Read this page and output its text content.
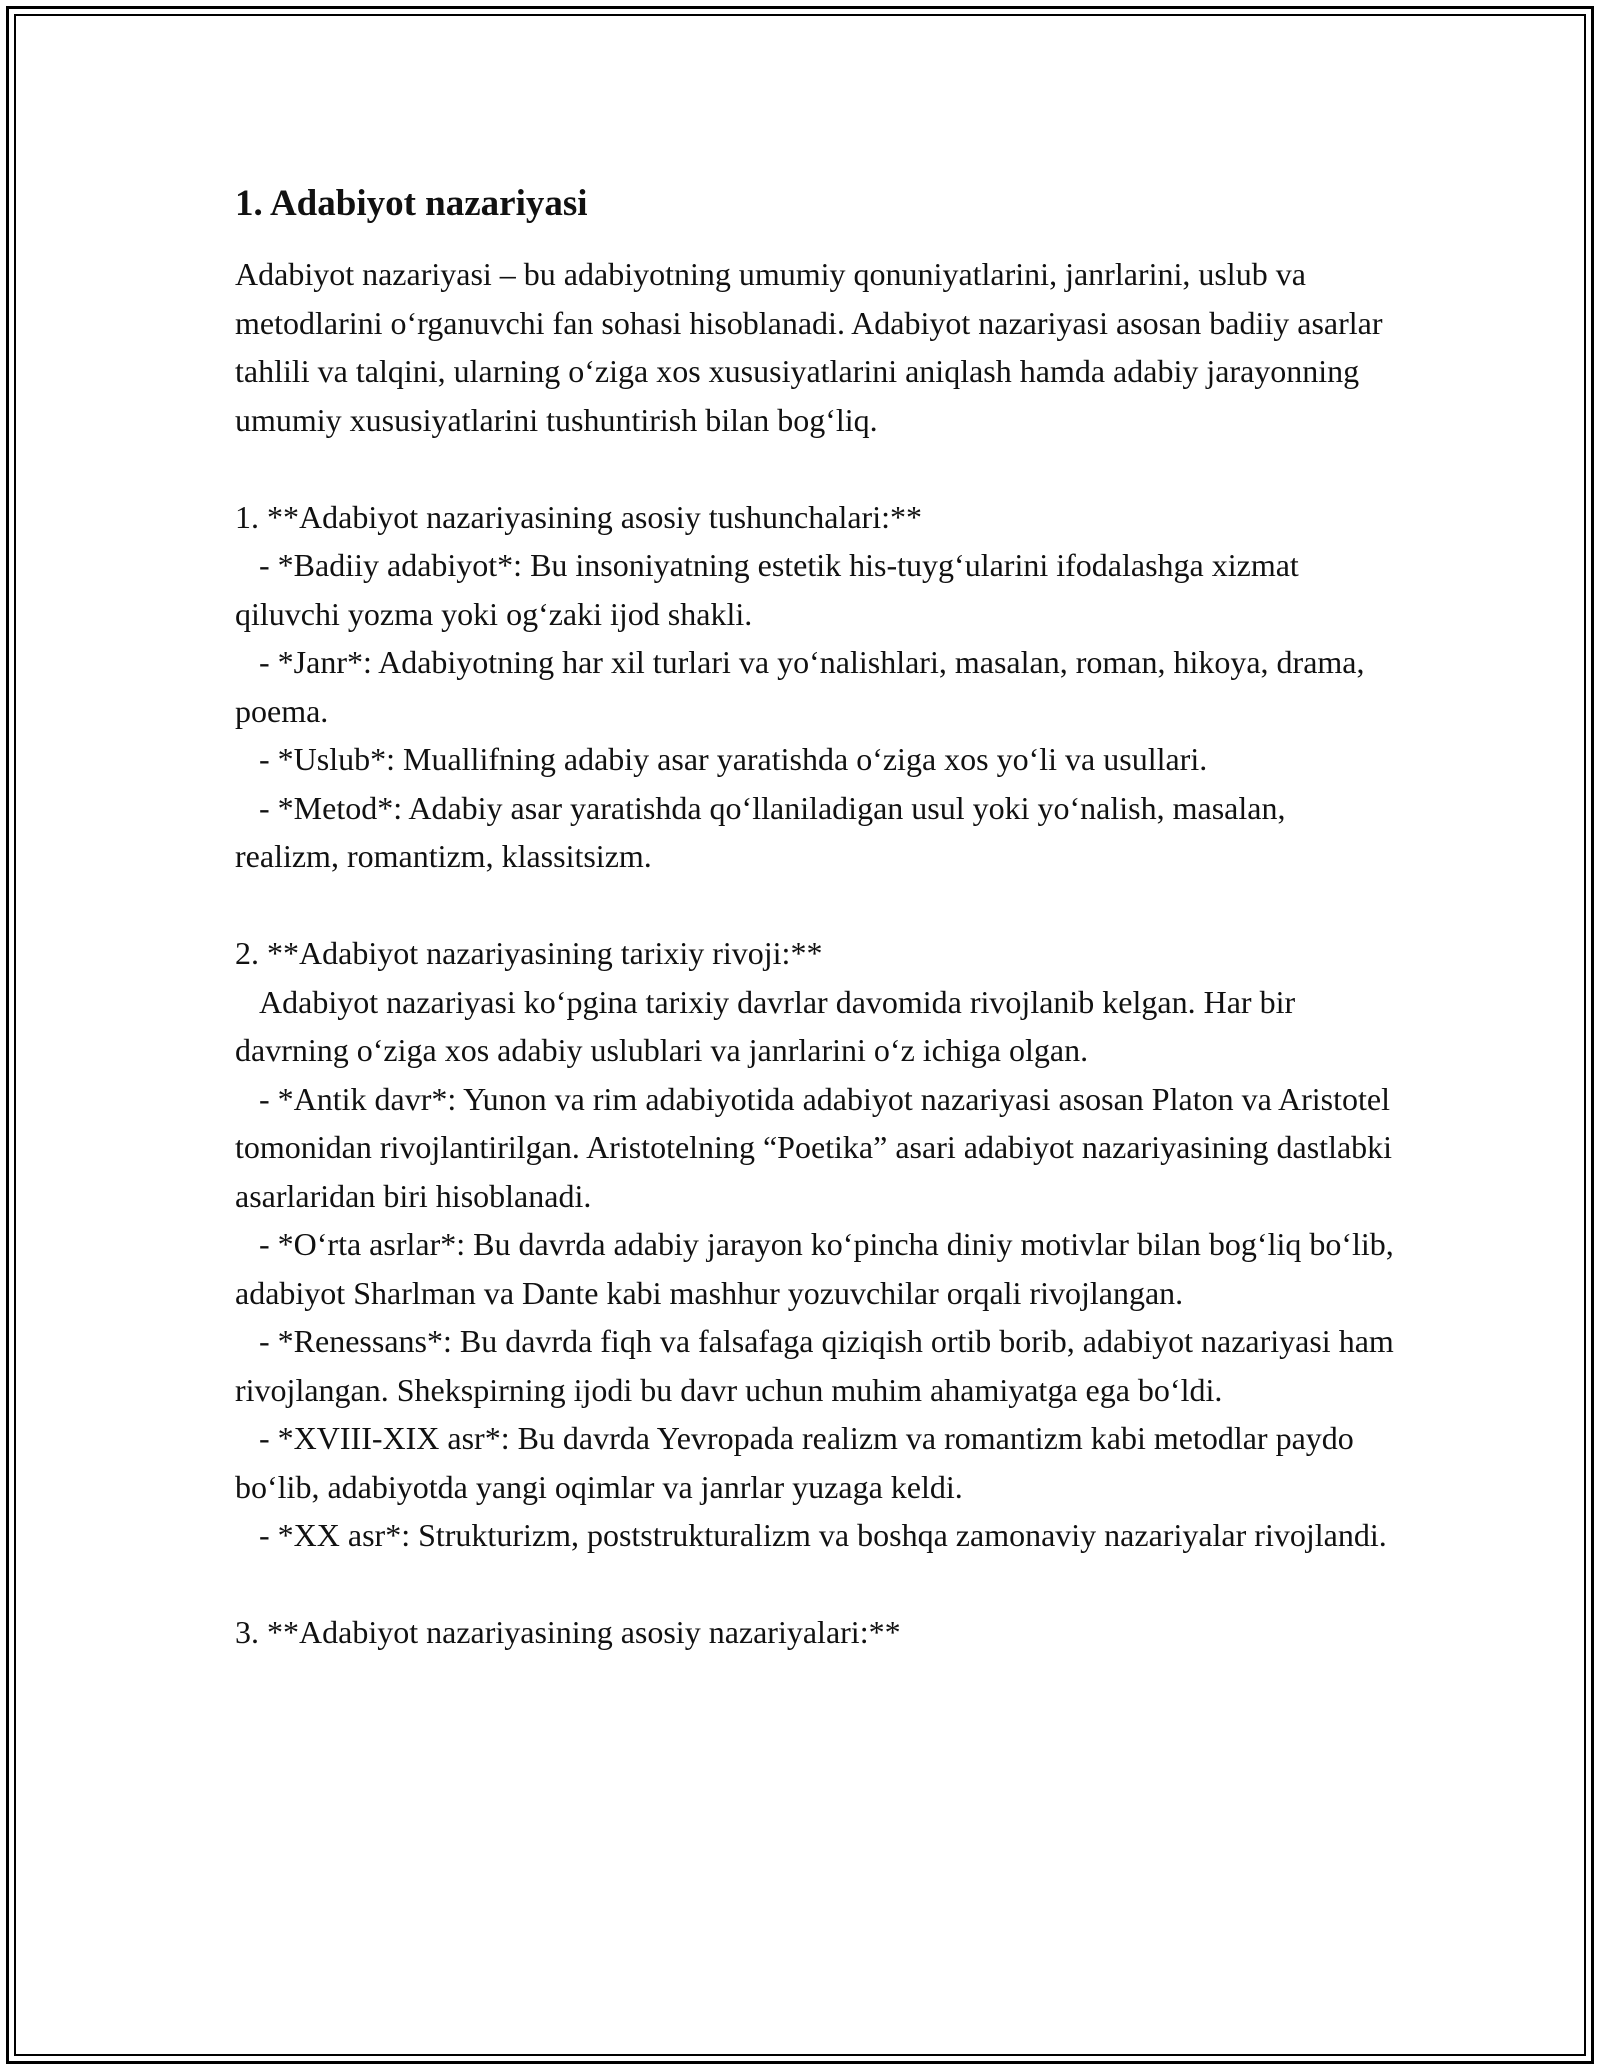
1. Adabiyot nazariyasi

Adabiyot nazariyasi – bu adabiyotning umumiy qonuniyatlarini, janrlarini, uslub va metodlarini o‘rganuvchi fan sohasi hisoblanadi. Adabiyot nazariyasi asosan badiiy asarlar tahlili va talqini, ularning o‘ziga xos xususiyatlarini aniqlash hamda adabiy jarayonning umumiy xususiyatlarini tushuntirish bilan bog‘liq.

1. **Adabiyot nazariyasining asosiy tushunchalari:**

- *Badiiy adabiyot*: Bu insoniyatning estetik his-tuyg‘ularini ifodalashga xizmat qiluvchi yozma yoki og‘zaki ijod shakli.

- *Janr*: Adabiyotning har xil turlari va yo‘nalishlari, masalan, roman, hikoya, drama, poema.

- *Uslub*: Muallifning adabiy asar yaratishda o‘ziga xos yo‘li va usullari.

- *Metod*: Adabiy asar yaratishda qo‘llaniladigan usul yoki yo‘nalish, masalan, realizm, romantizm, klassitsizm.

2. **Adabiyot nazariyasining tarixiy rivoji:**

Adabiyot nazariyasi ko‘pgina tarixiy davrlar davomida rivojlanib kelgan. Har bir davrning o‘ziga xos adabiy uslublari va janrlarini o‘z ichiga olgan.

- *Antik davr*: Yunon va rim adabiyotida adabiyot nazariyasi asosan Platon va Aristotel tomonidan rivojlantirilgan. Aristotelning “Poetika” asari adabiyot nazariyasining dastlabki asarlaridan biri hisoblanadi.

- *O‘rta asrlar*: Bu davrda adabiy jarayon ko‘pincha diniy motivlar bilan bog‘liq bo‘lib, adabiyot Sharlman va Dante kabi mashhur yozuvchilar orqali rivojlangan.

- *Renessans*: Bu davrda fiqh va falsafaga qiziqish ortib borib, adabiyot nazariyasi ham rivojlangan. Shekspirning ijodi bu davr uchun muhim ahamiyatga ega bo‘ldi.

- *XVIII-XIX asr*: Bu davrda Yevropada realizm va romantizm kabi metodlar paydo bo‘lib, adabiyotda yangi oqimlar va janrlar yuzaga keldi.

- *XX asr*: Strukturizm, poststrukturalizm va boshqa zamonaviy nazariyalar rivojlandi.

3. **Adabiyot nazariyasining asosiy nazariyalari:**
